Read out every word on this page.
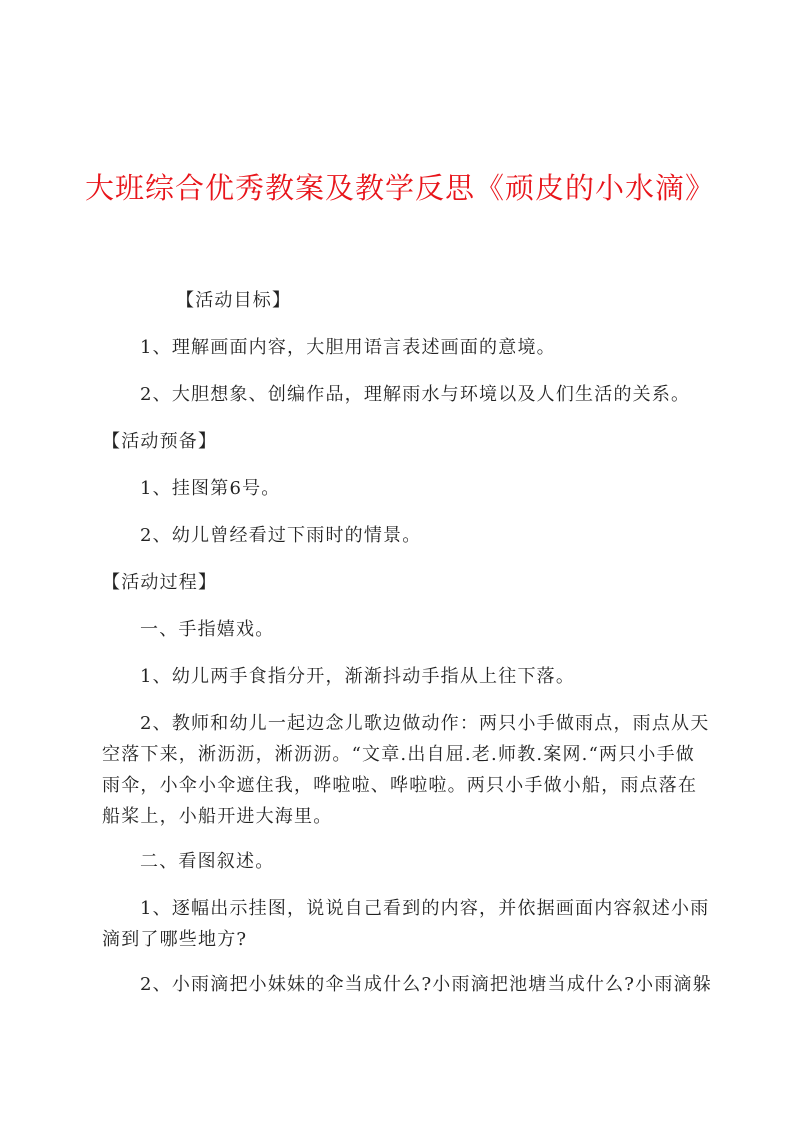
大班综合优秀教案及教学反思《顽皮的小水滴》

【活动目标】

1、理解画面内容，大胆用语言表述画面的意境。

2、大胆想象、创编作品，理解雨水与环境以及人们生活的关系。

【活动预备】

1、挂图第6号。

2、幼儿曾经看过下雨时的情景。

【活动过程】

一、手指嬉戏。

1、幼儿两手食指分开，渐渐抖动手指从上往下落。

2、教师和幼儿一起边念儿歌边做动作：两只小手做雨点，雨点从天空落下来，淅沥沥，淅沥沥。“文章.出自屈.老.师教.案网.“两只小手做雨伞，小伞小伞遮住我，哗啦啦、哗啦啦。两只小手做小船，雨点落在船桨上，小船开进大海里。

二、看图叙述。

1、逐幅出示挂图，说说自己看到的内容，并依据画面内容叙述小雨滴到了哪些地方?

2、小雨滴把小妹妹的伞当成什么?小雨滴把池塘当成什么?小雨滴躲
